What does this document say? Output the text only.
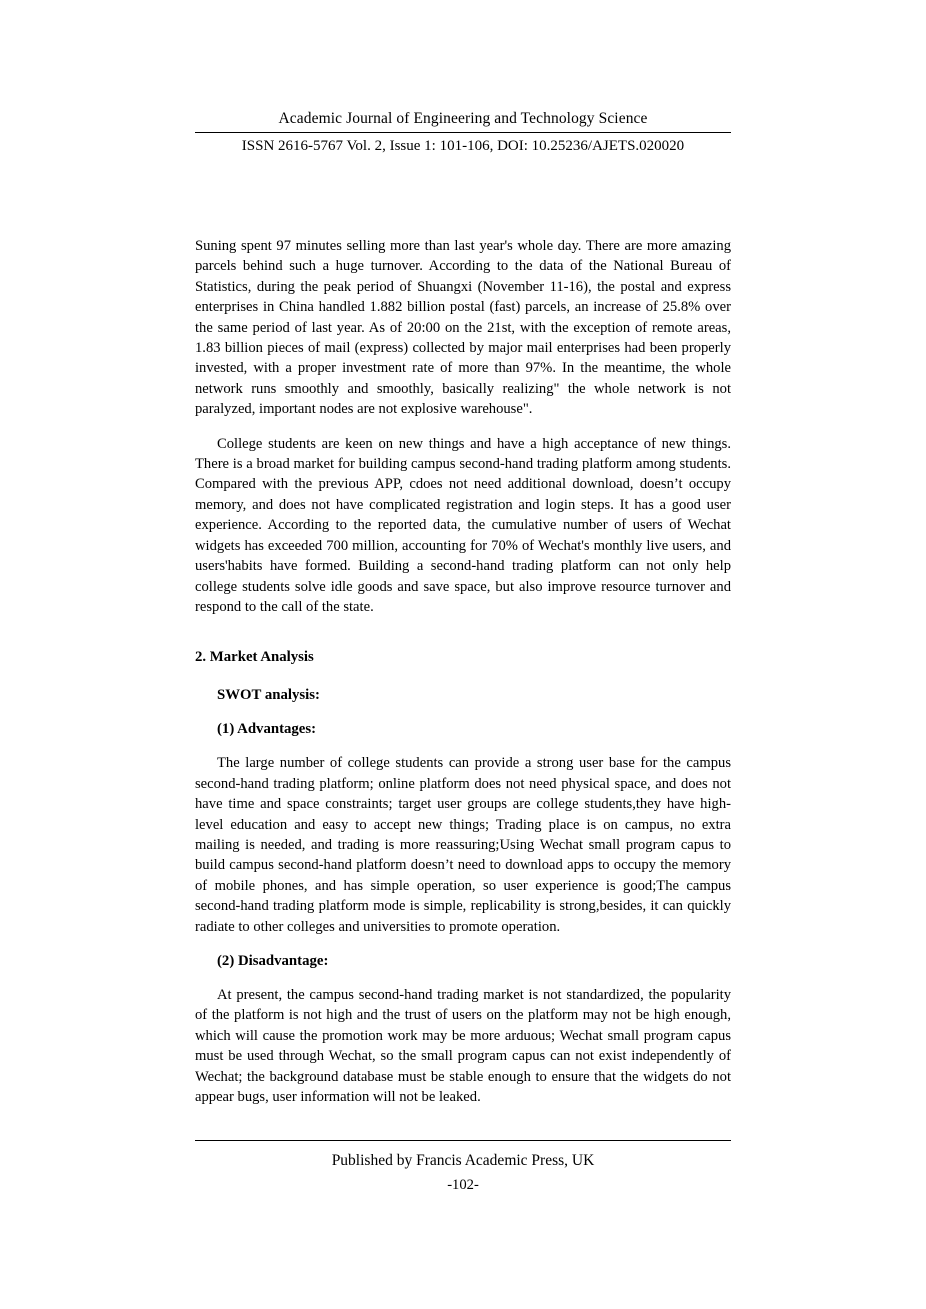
Academic Journal of Engineering and Technology Science
ISSN 2616-5767 Vol. 2, Issue 1: 101-106, DOI: 10.25236/AJETS.020020

Suning spent 97 minutes selling more than last year's whole day. There are more amazing parcels behind such a huge turnover. According to the data of the National Bureau of Statistics, during the peak period of Shuangxi (November 11-16), the postal and express enterprises in China handled 1.882 billion postal (fast) parcels, an increase of 25.8% over the same period of last year. As of 20:00 on the 21st, with the exception of remote areas, 1.83 billion pieces of mail (express) collected by major mail enterprises had been properly invested, with a proper investment rate of more than 97%. In the meantime, the whole network runs smoothly and smoothly, basically realizing" the whole network is not paralyzed, important nodes are not explosive warehouse".

College students are keen on new things and have a high acceptance of new things. There is a broad market for building campus second-hand trading platform among students. Compared with the previous APP, cdoes not need additional download, doesn’t occupy memory, and does not have complicated registration and login steps. It has a good user experience. According to the reported data, the cumulative number of users of Wechat widgets has exceeded 700 million, accounting for 70% of Wechat's monthly live users, and users'habits have formed. Building a second-hand trading platform can not only help college students solve idle goods and save space, but also improve resource turnover and respond to the call of the state.

2. Market Analysis
SWOT analysis:
(1) Advantages:

The large number of college students can provide a strong user base for the campus second-hand trading platform; online platform does not need physical space, and does not have time and space constraints; target user groups are college students,they have high-level education and easy to accept new things; Trading place is on campus, no extra mailing is needed, and trading is more reassuring;Using Wechat small program capus to build campus second-hand platform doesn’t need to download apps to occupy the memory of mobile phones, and has simple operation, so user experience is good;The campus second-hand trading platform mode is simple, replicability is strong,besides, it can quickly radiate to other colleges and universities to promote operation.

(2) Disadvantage:

At present, the campus second-hand trading market is not standardized, the popularity of the platform is not high and the trust of users on the platform may not be high enough, which will cause the promotion work may be more arduous; Wechat small program capus must be used through Wechat, so the small program capus can not exist independently of Wechat; the background database must be stable enough to ensure that the widgets do not appear bugs, user information will not be leaked.

Published by Francis Academic Press, UK
-102-
